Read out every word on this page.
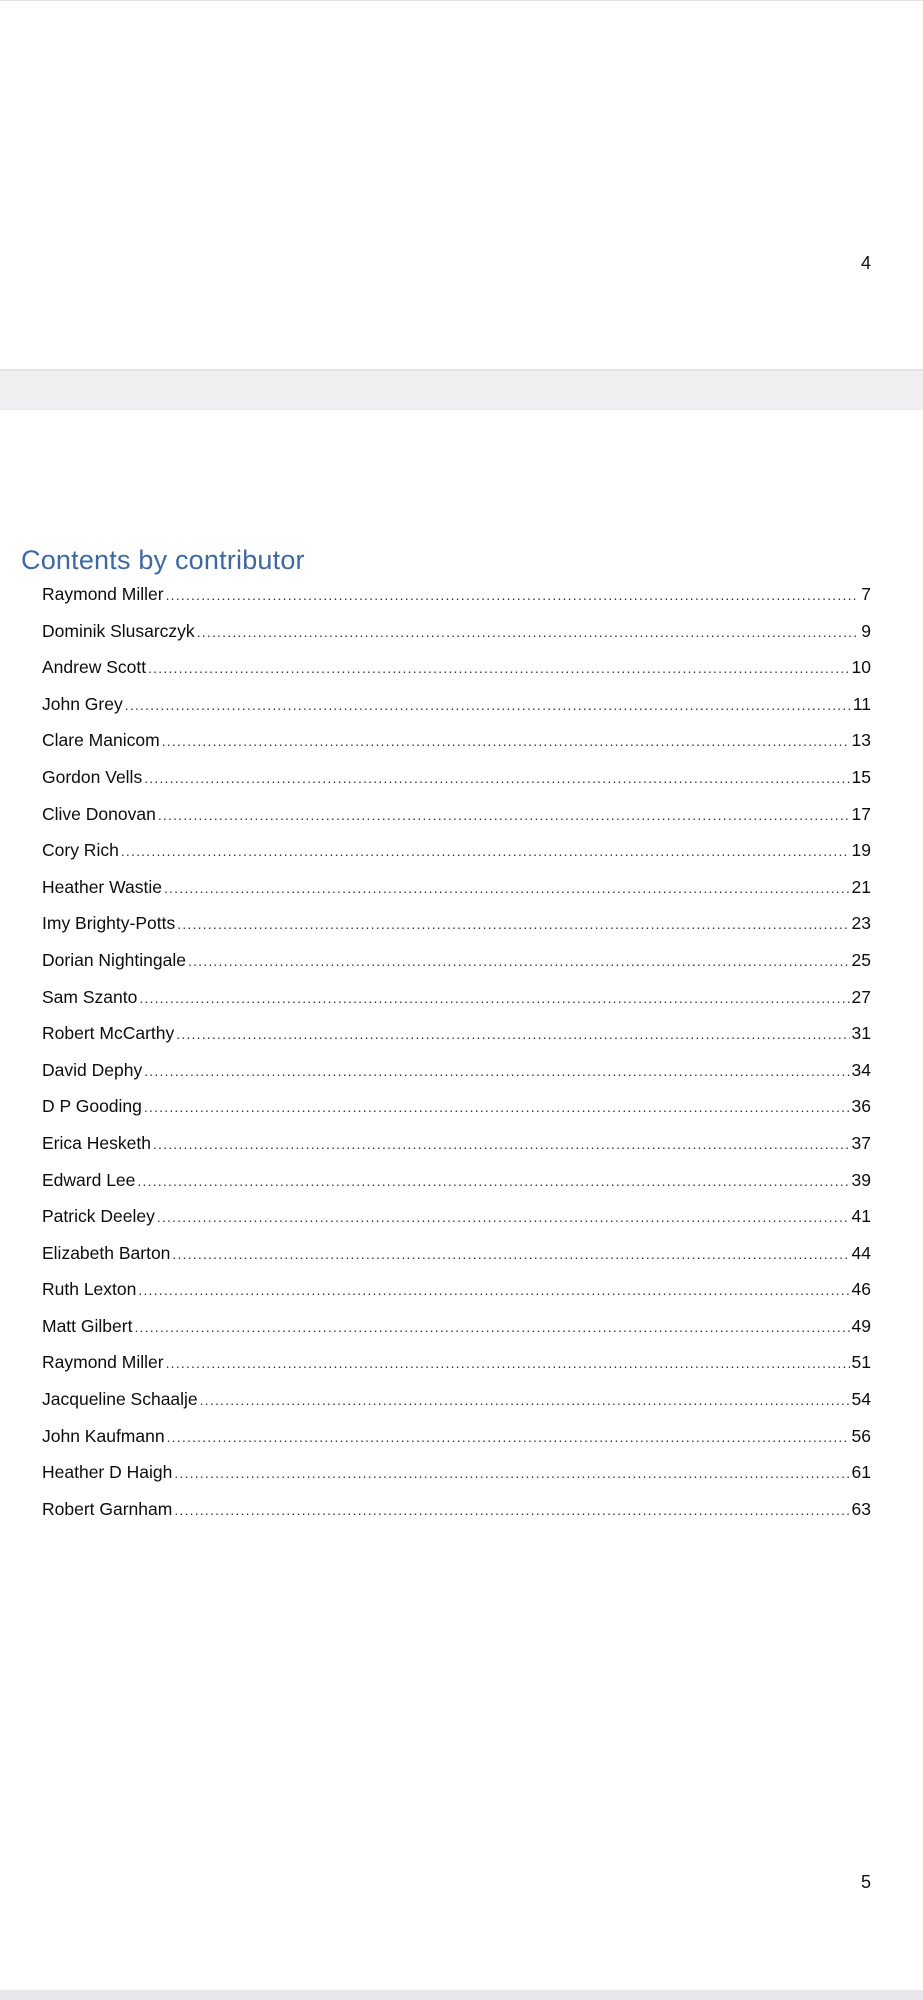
4
Contents by contributor
Raymond Miller .....	7
Dominik Slusarczyk .....	9
Andrew Scott .....	10
John Grey .....	11
Clare Manicom .....	13
Gordon Vells .....	15
Clive Donovan .....	17
Cory Rich .....	19
Heather Wastie .....	21
Imy Brighty-Potts .....	23
Dorian Nightingale .....	25
Sam Szanto .....	27
Robert McCarthy .....	31
David Dephy .....	34
D P Gooding .....	36
Erica Hesketh .....	37
Edward Lee .....	39
Patrick Deeley .....	41
Elizabeth Barton .....	44
Ruth Lexton .....	46
Matt Gilbert .....	49
Raymond Miller .....	51
Jacqueline Schaalje .....	54
John Kaufmann .....	56
Heather D Haigh .....	61
Robert Garnham .....	63
5
